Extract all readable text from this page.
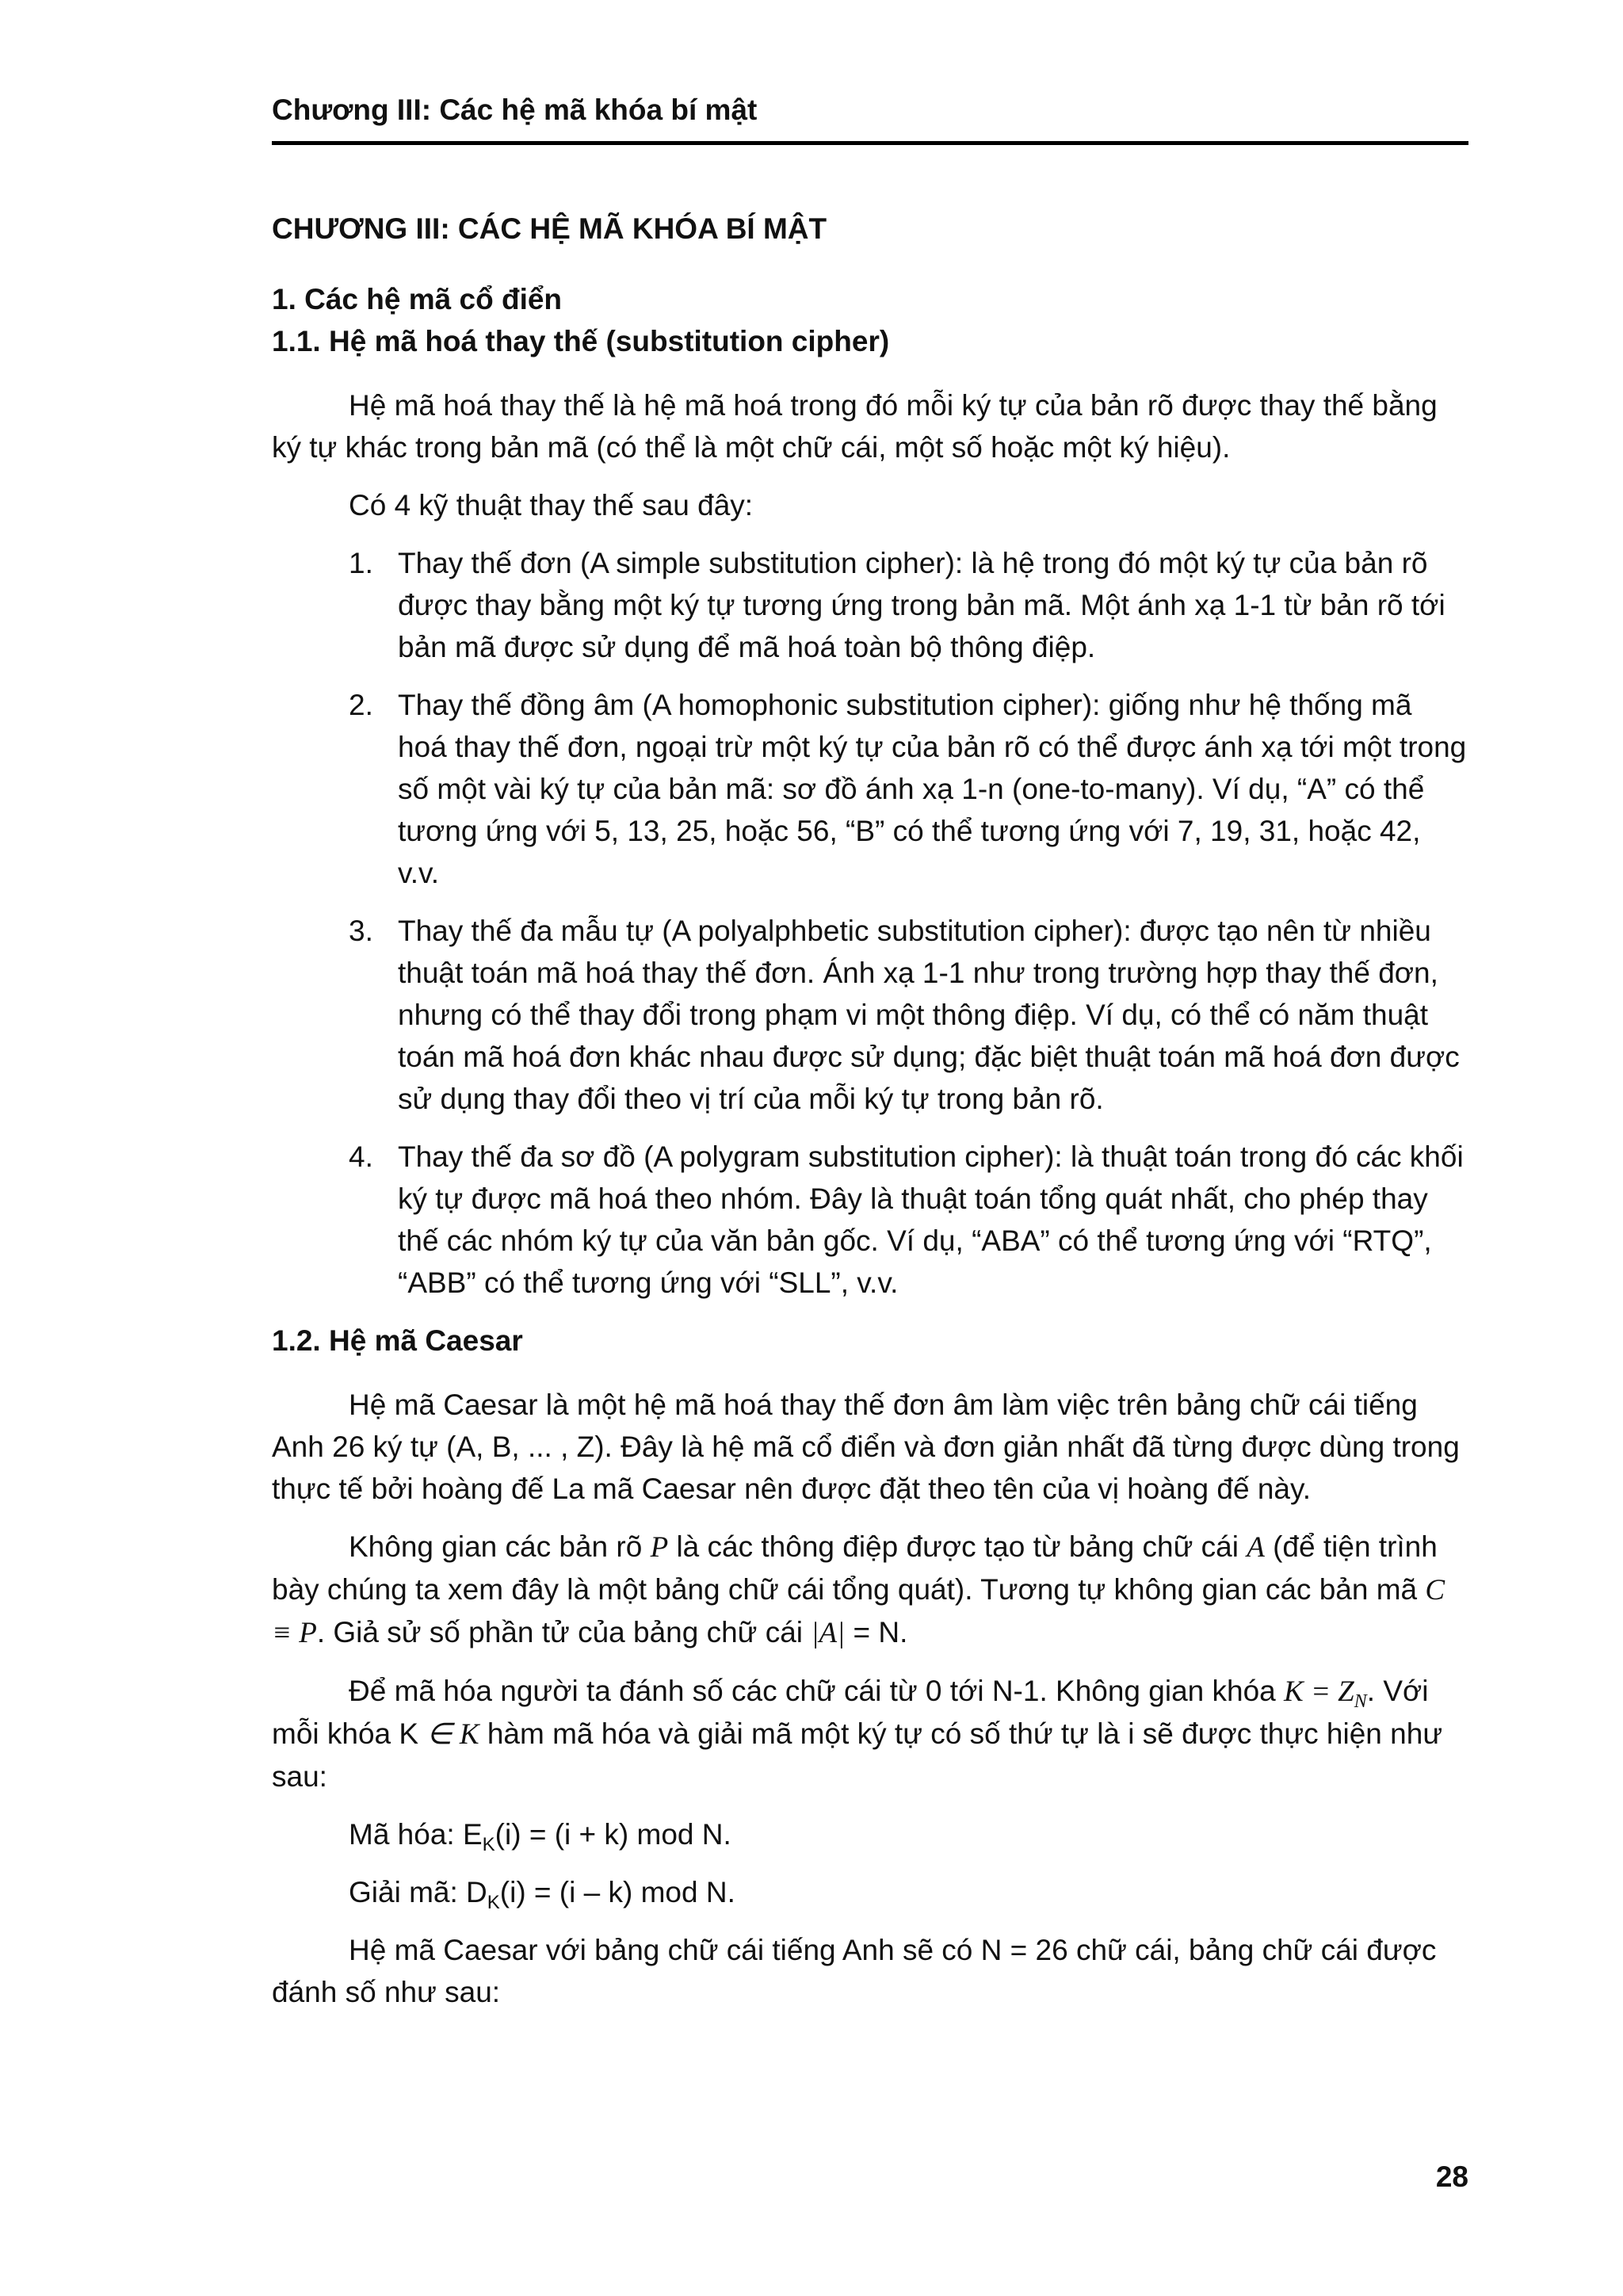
Chương III: Các hệ mã khóa bí mật
CHƯƠNG III: CÁC HỆ MÃ KHÓA BÍ MẬT
1. Các hệ mã cổ điển
1.1. Hệ mã hoá thay thế (substitution cipher)

Hệ mã hoá thay thế là hệ mã hoá trong đó mỗi ký tự của bản rõ được thay thế bằng ký tự khác trong bản mã (có thể là một chữ cái, một số hoặc một ký hiệu).

Có 4 kỹ thuật thay thế sau đây:

1. Thay thế đơn (A simple substitution cipher): là hệ trong đó một ký tự của bản rõ được thay bằng một ký tự tương ứng trong bản mã. Một ánh xạ 1-1 từ bản rõ tới bản mã được sử dụng để mã hoá toàn bộ thông điệp.
2. Thay thế đồng âm (A homophonic substitution cipher): giống như hệ thống mã hoá thay thế đơn, ngoại trừ một ký tự của bản rõ có thể được ánh xạ tới một trong số một vài ký tự của bản mã: sơ đồ ánh xạ 1-n (one-to-many). Ví dụ, “A” có thể tương ứng với 5, 13, 25, hoặc 56, “B” có thể tương ứng với 7, 19, 31, hoặc 42, v.v.
3. Thay thế đa mẫu tự (A polyalphbetic substitution cipher): được tạo nên từ nhiều thuật toán mã hoá thay thế đơn. Ánh xạ 1-1 như trong trường hợp thay thế đơn, nhưng có thể thay đổi trong phạm vi một thông điệp. Ví dụ, có thể có năm thuật toán mã hoá đơn khác nhau được sử dụng; đặc biệt thuật toán mã hoá đơn được sử dụng thay đổi theo vị trí của mỗi ký tự trong bản rõ.
4. Thay thế đa sơ đồ (A polygram substitution cipher): là thuật toán trong đó các khối ký tự được mã hoá theo nhóm. Đây là thuật toán tổng quát nhất, cho phép thay thế các nhóm ký tự của văn bản gốc. Ví dụ, “ABA” có thể tương ứng với “RTQ”, “ABB” có thể tương ứng với “SLL”, v.v.
1.2. Hệ mã Caesar

Hệ mã Caesar là một hệ mã hoá thay thế đơn âm làm việc trên bảng chữ cái tiếng Anh 26 ký tự (A, B, ... , Z). Đây là hệ mã cổ điển và đơn giản nhất đã từng được dùng trong thực tế bởi hoàng đế La mã Caesar nên được đặt theo tên của vị hoàng đế này.

Không gian các bản rõ P là các thông điệp được tạo từ bảng chữ cái A (để tiện trình bày chúng ta xem đây là một bảng chữ cái tổng quát). Tương tự không gian các bản mã C ≡ P. Giả sử số phần tử của bảng chữ cái |A| = N.

Để mã hóa người ta đánh số các chữ cái từ 0 tới N-1. Không gian khóa $K = Z_N$. Với mỗi khóa K ∈ K hàm mã hóa và giải mã một ký tự có số thứ tự là i sẽ được thực hiện như sau:

Mã hóa: $E_K(i) = (i + k)$ mod N.

Giải mã: $D_K(i) = (i - k)$ mod N.

Hệ mã Caesar với bảng chữ cái tiếng Anh sẽ có N = 26 chữ cái, bảng chữ cái được đánh số như sau:

28
